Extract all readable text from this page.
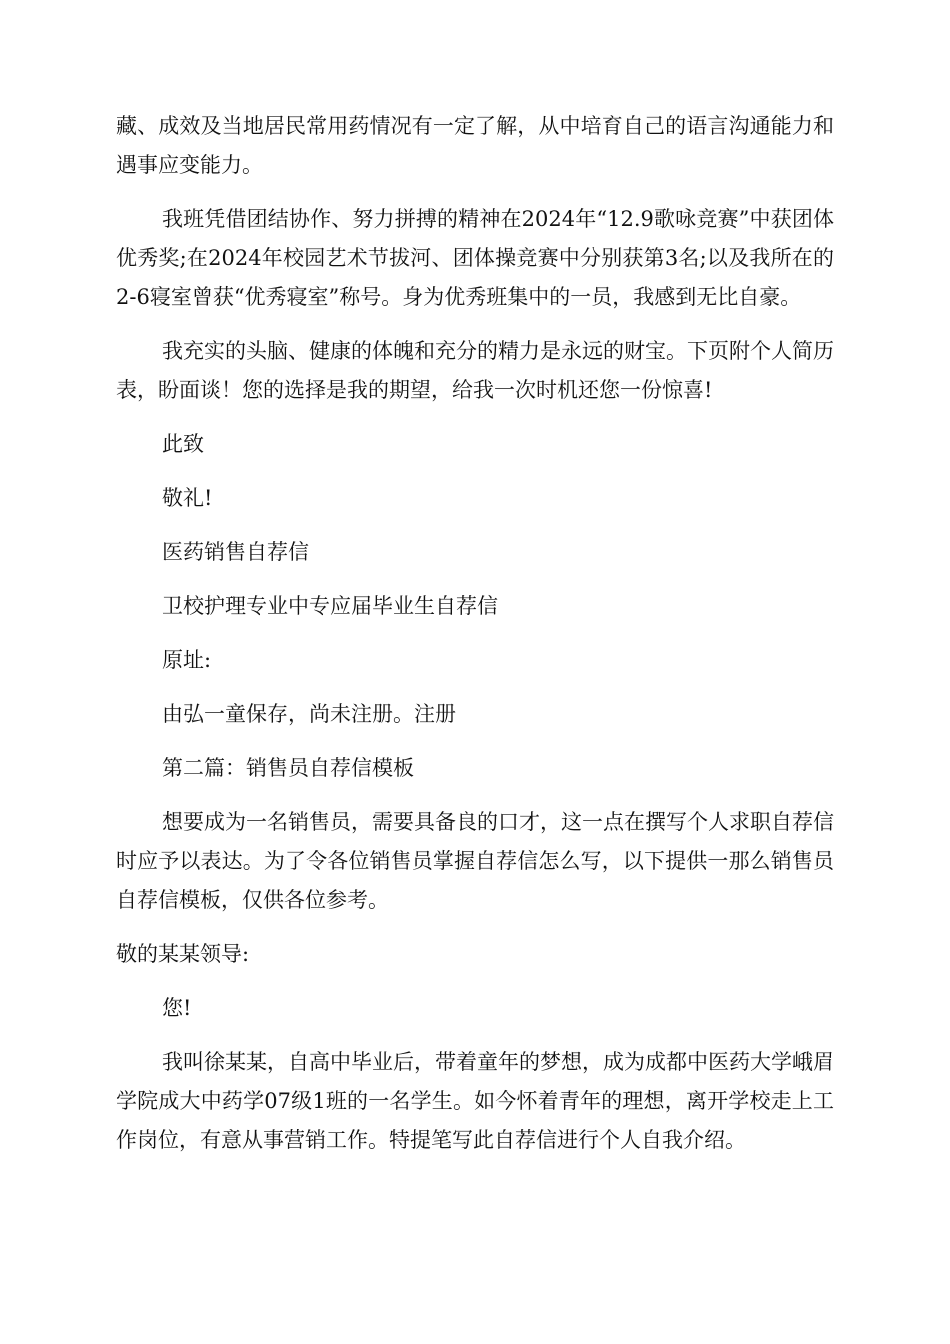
藏、成效及当地居民常用药情况有一定了解，从中培育自己的语言沟通能力和遇事应变能力。

我班凭借团结协作、努力拼搏的精神在2024年“12.9歌咏竞赛”中获团体优秀奖;在2024年校园艺术节拔河、团体操竞赛中分别获第3名;以及我所在的2-6寝室曾获“优秀寝室”称号。身为优秀班集中的一员，我感到无比自豪。

我充实的头脑、健康的体魄和充分的精力是永远的财宝。下页附个人简历表，盼面谈！您的选择是我的期望，给我一次时机还您一份惊喜!

此致

敬礼!

医药销售自荐信

卫校护理专业中专应届毕业生自荐信

原址:

由弘一童保存，尚未注册。注册

第二篇：销售员自荐信模板

想要成为一名销售员，需要具备良的口才，这一点在撰写个人求职自荐信时应予以表达。为了令各位销售员掌握自荐信怎么写，以下提供一那么销售员自荐信模板，仅供各位参考。

敬的某某领导:

您!

我叫徐某某，自高中毕业后，带着童年的梦想，成为成都中医药大学峨眉学院成大中药学07级1班的一名学生。如今怀着青年的理想，离开学校走上工作岗位，有意从事营销工作。特提笔写此自荐信进行个人自我介绍。
